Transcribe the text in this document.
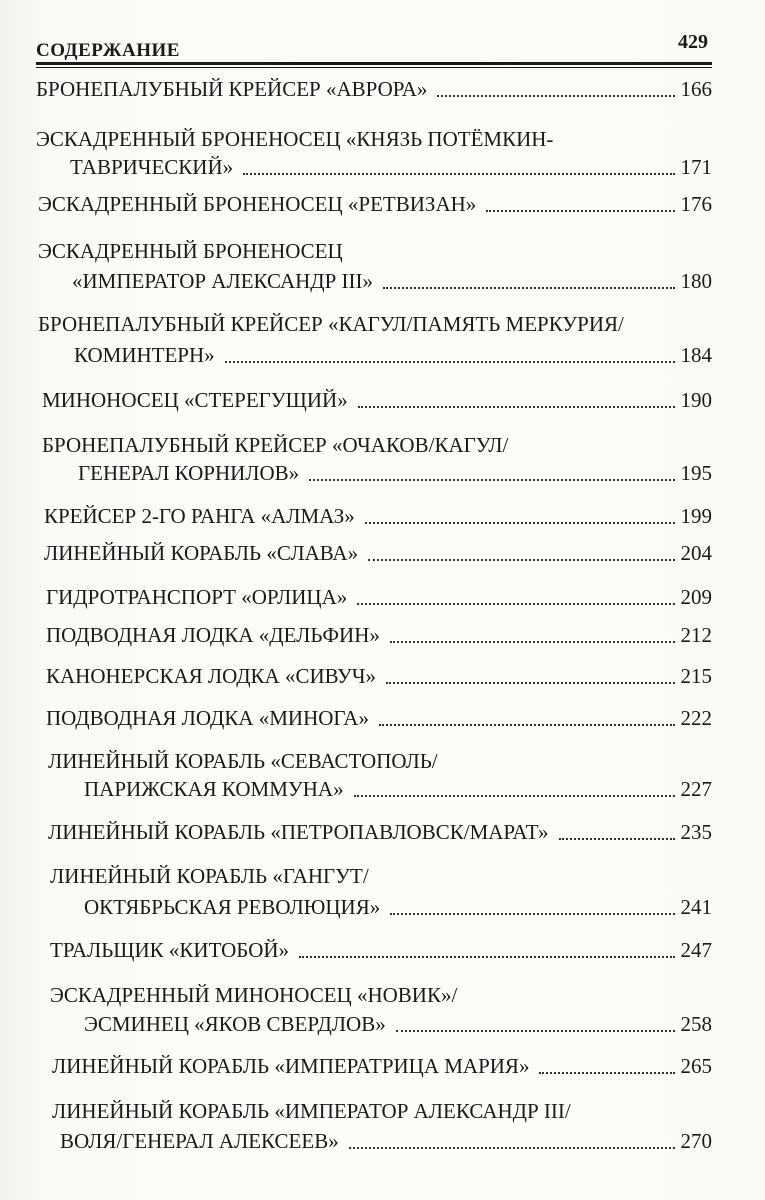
СОДЕРЖАНИЕ	429
БРОНЕПАЛУБНЫЙ КРЕЙСЕР «АВРОРА»	166
ЭСКАДРЕННЫЙ БРОНЕНОСЕЦ «КНЯЗЬ ПОТЁМКИН-
ТАВРИЧЕСКИЙ»	171
ЭСКАДРЕННЫЙ БРОНЕНОСЕЦ «РЕТВИЗАН»	176
ЭСКАДРЕННЫЙ БРОНЕНОСЕЦ
«ИМПЕРАТОР АЛЕКСАНДР III»	180
БРОНЕПАЛУБНЫЙ КРЕЙСЕР «КАГУЛ/ПАМЯТЬ МЕРКУРИЯ/
КОМИНТЕРН»	184
МИНОНОСЕЦ «СТЕРЕГУЩИЙ»	190
БРОНЕПАЛУБНЫЙ КРЕЙСЕР «ОЧАКОВ/КАГУЛ/
ГЕНЕРАЛ КОРНИЛОВ»	195
КРЕЙСЕР 2-ГО РАНГА «АЛМАЗ»	199
ЛИНЕЙНЫЙ КОРАБЛЬ «СЛАВА»	204
ГИДРОТРАНСПОРТ «ОРЛИЦА»	209
ПОДВОДНАЯ ЛОДКА «ДЕЛЬФИН»	212
КАНОНЕРСКАЯ ЛОДКА «СИВУЧ»	215
ПОДВОДНАЯ ЛОДКА «МИНОГА»	222
ЛИНЕЙНЫЙ КОРАБЛЬ «СЕВАСТОПОЛЬ/
ПАРИЖСКАЯ КОММУНА»	227
ЛИНЕЙНЫЙ КОРАБЛЬ «ПЕТРОПАВЛОВСК/МАРАТ»	235
ЛИНЕЙНЫЙ КОРАБЛЬ «ГАНГУТ/
ОКТЯБРЬСКАЯ РЕВОЛЮЦИЯ»	241
ТРАЛЬЩИК «КИТОБОЙ»	247
ЭСКАДРЕННЫЙ МИНОНОСЕЦ «НОВИК»/
ЭСМИНЕЦ «ЯКОВ СВЕРДЛОВ»	258
ЛИНЕЙНЫЙ КОРАБЛЬ «ИМПЕРАТРИЦА МАРИЯ»	265
ЛИНЕЙНЫЙ КОРАБЛЬ «ИМПЕРАТОР АЛЕКСАНДР III/
ВОЛЯ/ГЕНЕРАЛ АЛЕКСЕЕВ»	270
